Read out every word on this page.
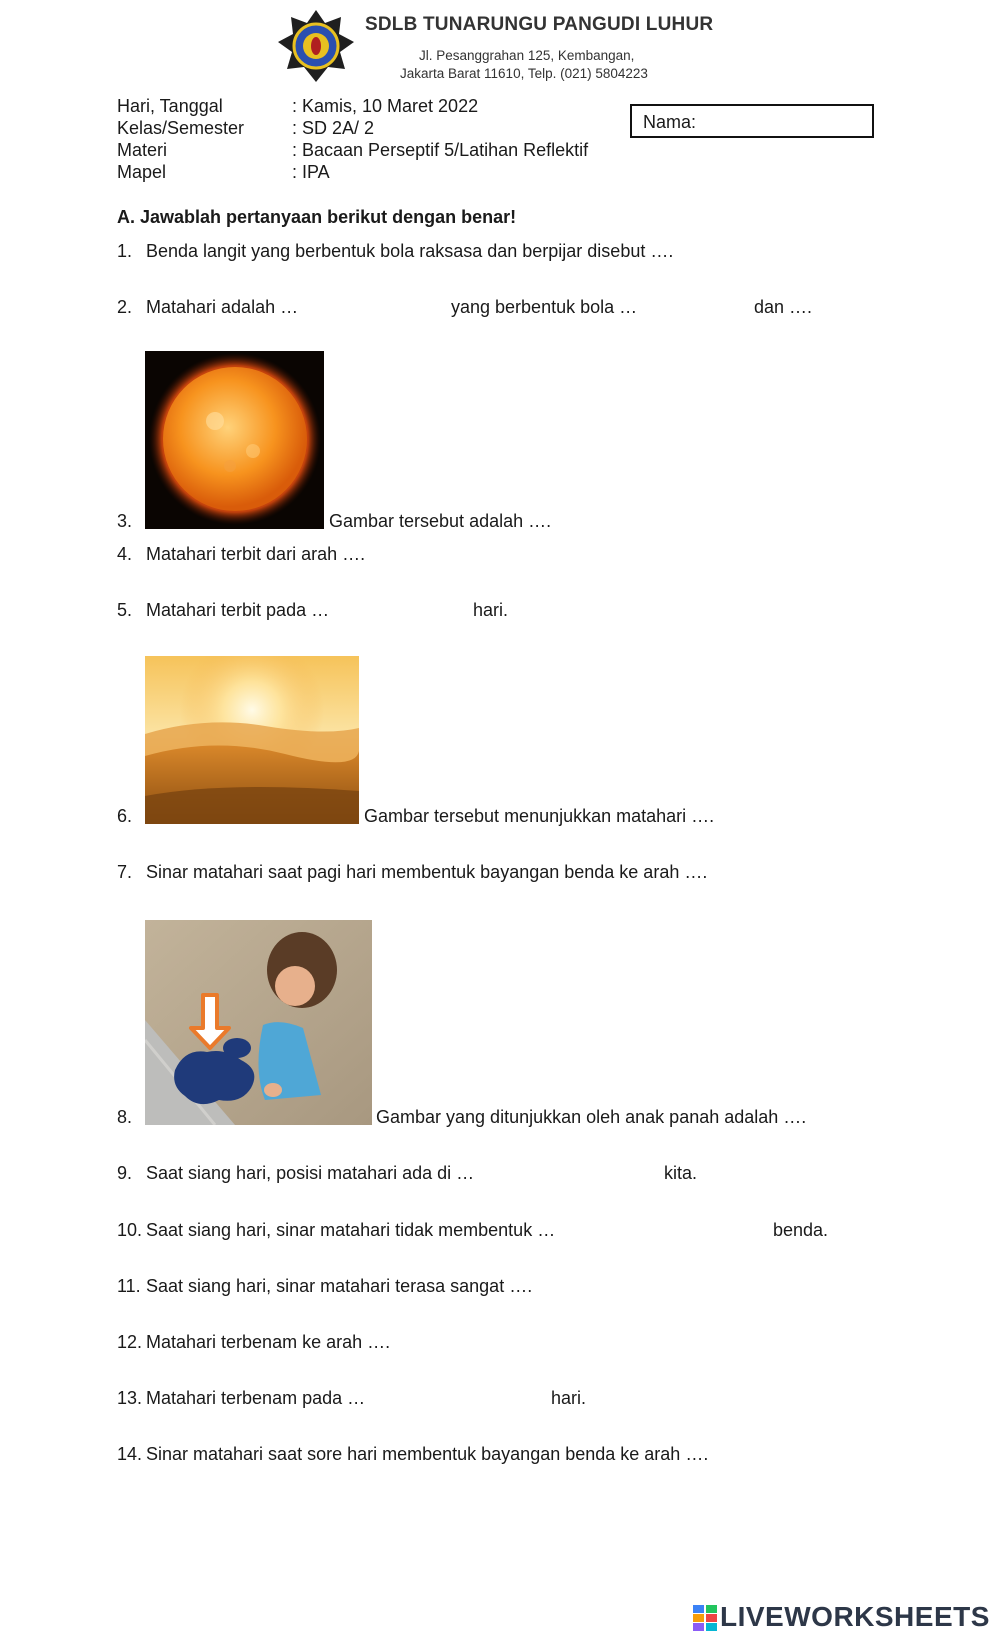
SDLB TUNARUNGU PANGUDI LUHUR
Jl. Pesanggrahan 125, Kembangan,
Jakarta Barat 11610, Telp. (021) 5804223
Hari, Tanggal	: Kamis, 10 Maret 2022
Kelas/Semester	: SD 2A/ 2
Materi	: Bacaan Perseptif 5/Latihan Reflektif
Mapel	: IPA
Nama:
A. Jawablah pertanyaan berikut dengan benar!
1. Benda langit yang berbentuk bola raksasa dan berpijar disebut ….
2. Matahari adalah …	yang berbentuk bola …	dan ….
3.	Gambar tersebut adalah ….
4. Matahari terbit dari arah ….
5. Matahari terbit pada …	hari.
6.	Gambar tersebut menunjukkan matahari ….
7. Sinar matahari saat pagi hari membentuk bayangan benda ke arah ….
8.	Gambar yang ditunjukkan oleh anak panah adalah ….
9. Saat siang hari, posisi matahari ada di …	kita.
10. Saat siang hari, sinar matahari tidak membentuk …	benda.
11. Saat siang hari, sinar matahari terasa sangat ….
12. Matahari terbenam ke arah ….
13. Matahari terbenam pada …	hari.
14. Sinar matahari saat sore hari membentuk bayangan benda ke arah ….
LIVEWORKSHEETS
